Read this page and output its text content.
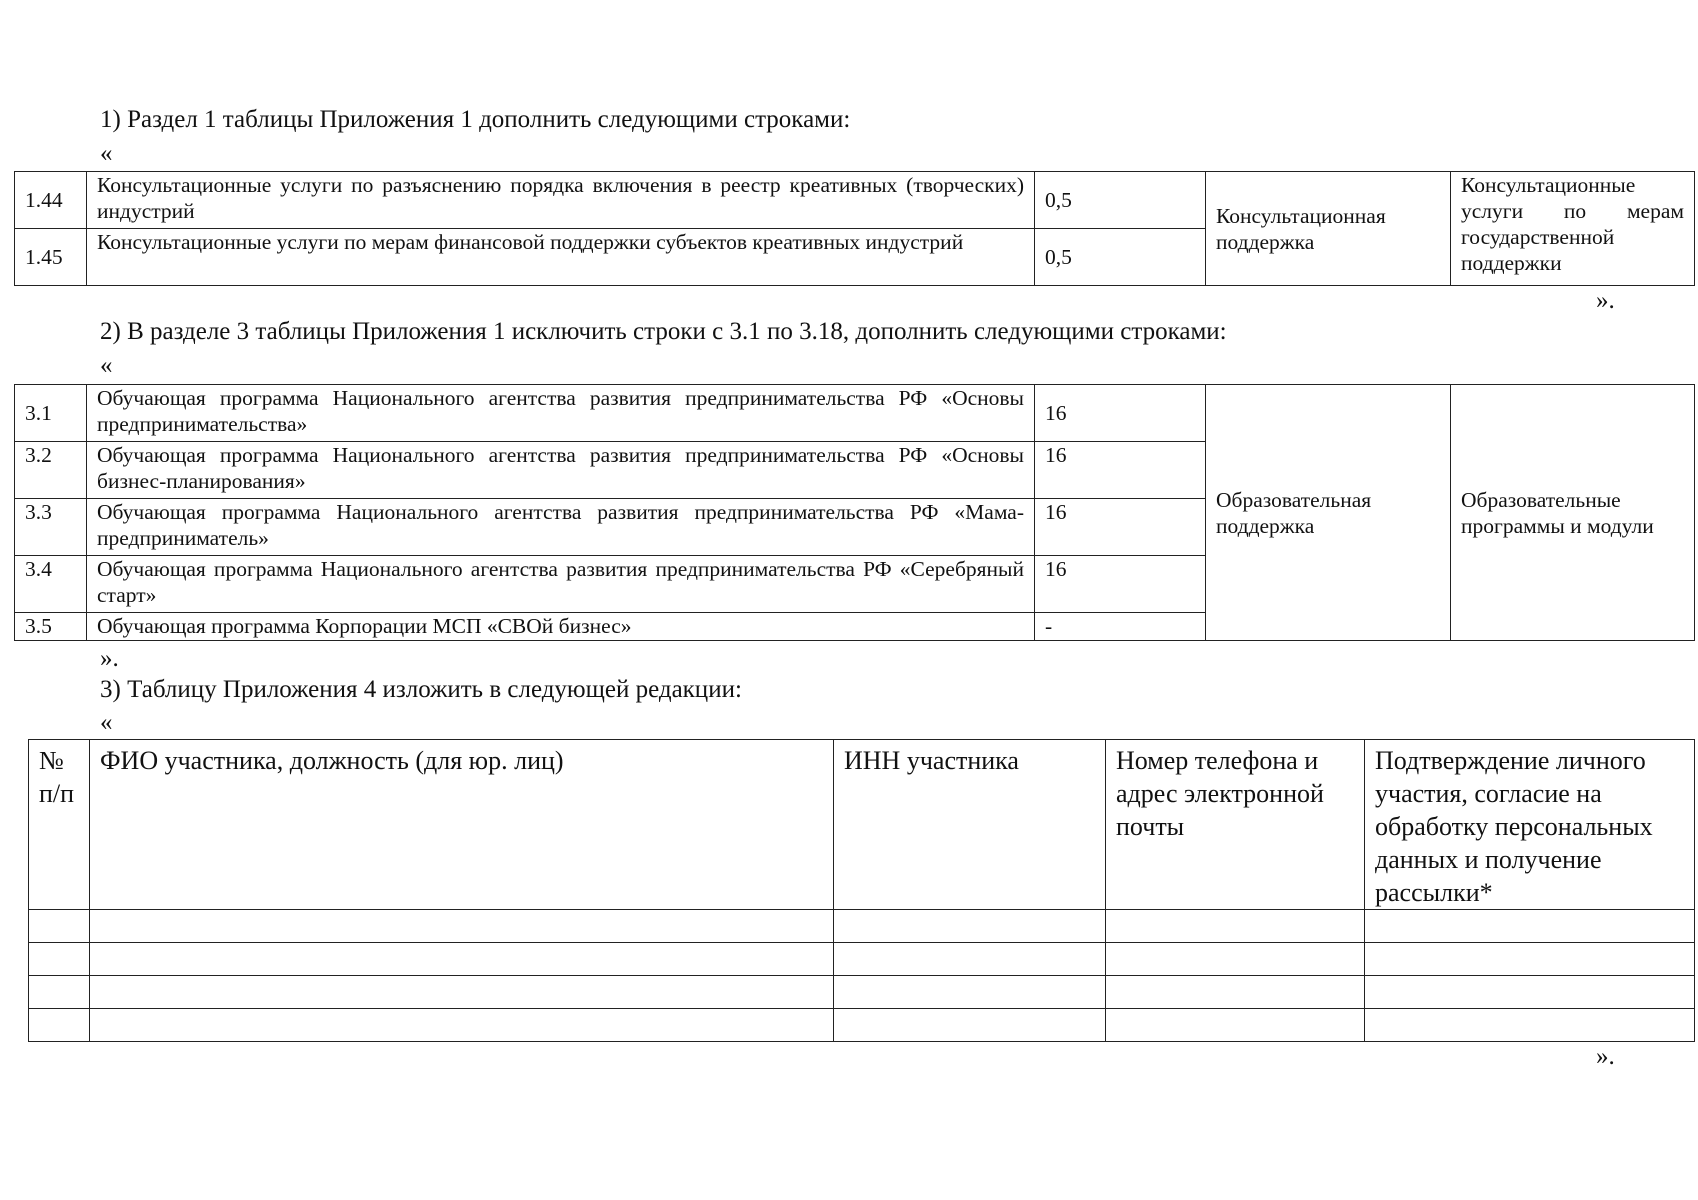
1) Раздел 1 таблицы Приложения 1 дополнить следующими строками:
«
1.44	Консультационные услуги по разъяснению порядка включения в реестр креативных (творческих) индустрий	0,5	Консультационная поддержка	Консультационные услуги по мерам государственной поддержки
1.45	Консультационные услуги по мерам финансовой поддержки субъектов креативных индустрий	0,5		
».
2) В разделе 3 таблицы Приложения 1 исключить строки с 3.1 по 3.18, дополнить следующими строками:
«
3.1	Обучающая программа Национального агентства развития предпринимательства РФ «Основы предпринимательства»	16	Образовательная поддержка	Образовательные программы и модули
3.2	Обучающая программа Национального агентства развития предпринимательства РФ «Основы бизнес-планирования»	16		
3.3	Обучающая программа Национального агентства развития предпринимательства РФ «Мама-предприниматель»	16		
3.4	Обучающая программа Национального агентства развития предпринимательства РФ «Серебряный старт»	16		
3.5	Обучающая программа Корпорации МСП «СВОй бизнес»	-		
».
3) Таблицу Приложения 4 изложить в следующей редакции:
«
№ п/п	ФИО участника, должность (для юр. лиц)	ИНН участника	Номер телефона и адрес электронной почты	Подтверждение личного участия, согласие на обработку персональных данных и получение рассылки*

».
